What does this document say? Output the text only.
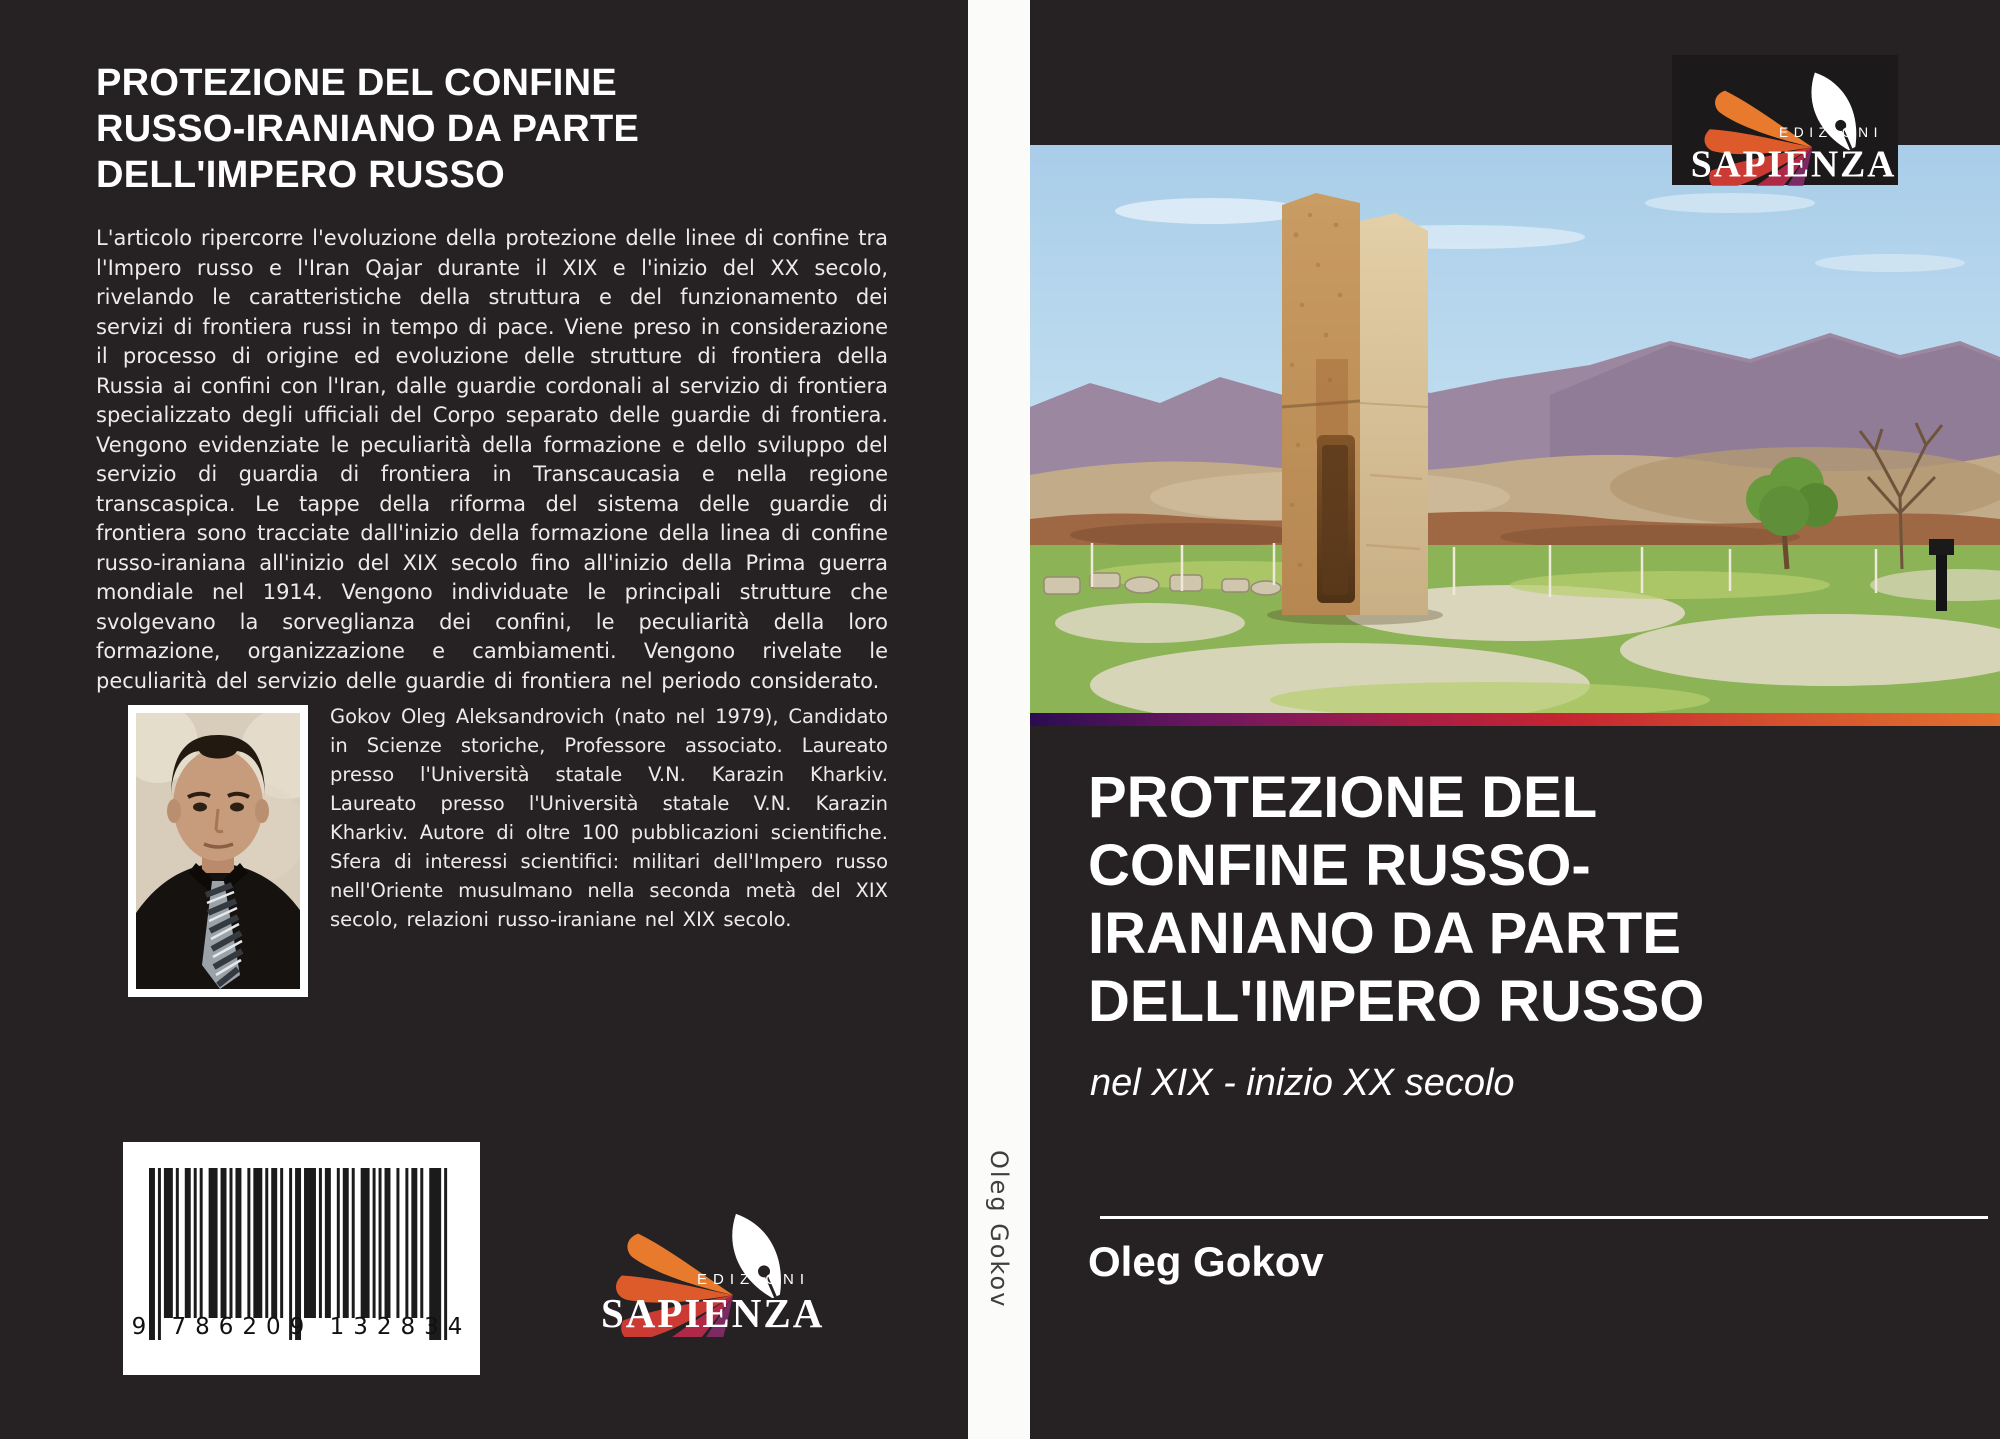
PROTEZIONE DEL CONFINE RUSSO-IRANIANO DA PARTE DELL'IMPERO RUSSO
L'articolo ripercorre l'evoluzione della protezione delle linee di confine tra l'Impero russo e l'Iran Qajar durante il XIX e l'inizio del XX secolo, rivelando le caratteristiche della struttura e del funzionamento dei servizi di frontiera russi in tempo di pace. Viene preso in considerazione il processo di origine ed evoluzione delle strutture di frontiera della Russia ai confini con l'Iran, dalle guardie cordonali al servizio di frontiera specializzato degli ufficiali del Corpo separato delle guardie di frontiera. Vengono evidenziate le peculiarità della formazione e dello sviluppo del servizio di guardia di frontiera in Transcaucasia e nella regione transcaspica. Le tappe della riforma del sistema delle guardie di frontiera sono tracciate dall'inizio della formazione della linea di confine russo-iraniana all'inizio del XIX secolo fino all'inizio della Prima guerra mondiale nel 1914. Vengono individuate le principali strutture che svolgevano la sorveglianza dei confini, le peculiarità della loro formazione, organizzazione e cambiamenti. Vengono rivelate le peculiarità del servizio delle guardie di frontiera nel periodo considerato.
Gokov Oleg Aleksandrovich (nato nel 1979), Candidato in Scienze storiche, Professore associato. Laureato presso l'Università statale V.N. Karazin Kharkiv. Laureato presso l'Università statale V.N. Karazin Kharkiv. Autore di oltre 100 pubblicazioni scientifiche. Sfera di interessi scientifici: militari dell'Impero russo nell'Oriente musulmano nella seconda metà del XIX secolo, relazioni russo-iraniane nel XIX secolo.
9 786209 132834
EDIZIONI
SAPIENZA
Oleg Gokov
EDIZIONI
SAPIENZA
PROTEZIONE DEL CONFINE RUSSO-IRANIANO DA PARTE DELL'IMPERO RUSSO
nel XIX - inizio XX secolo
Oleg Gokov
